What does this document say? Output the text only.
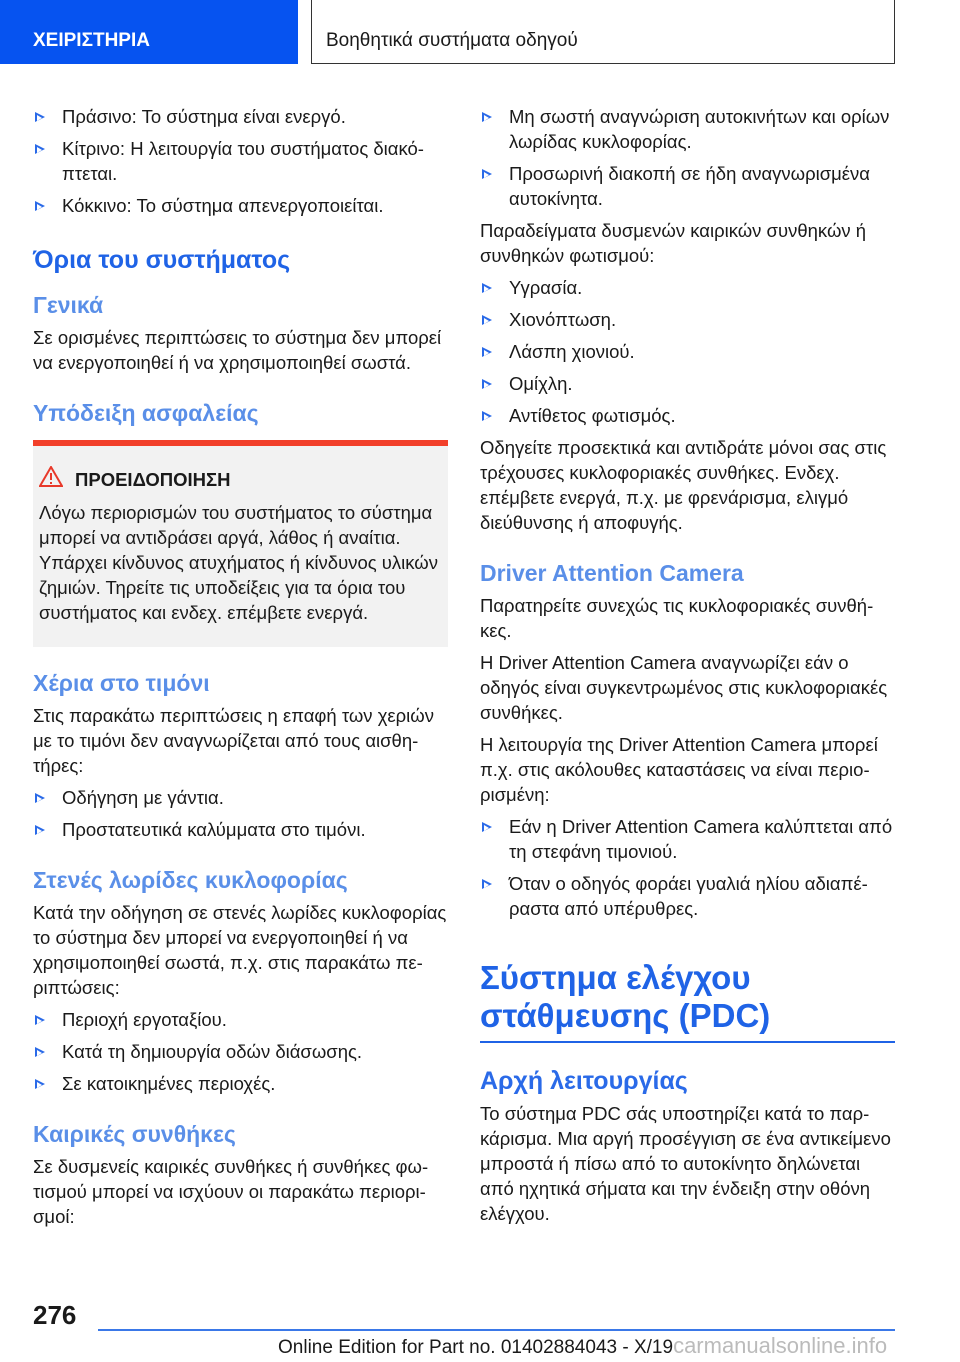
ΧΕΙΡΙΣΤΗΡΙΑ	Βοηθητικά συστήματα οδηγού
Πράσινο: Το σύστημα είναι ενεργό.
Κίτρινο: Η λειτουργία του συστήματος διακόπτεται.
Κόκκινο: Το σύστημα απενεργοποιείται.
Όρια του συστήματος
Γενικά

Σε ορισμένες περιπτώσεις το σύστημα δεν μπορεί να ενεργοποιηθεί ή να χρησιμοποιηθεί σωστά.

Υπόδειξη ασφαλείας
ΠΡΟΕΙΔΟΠΟΙΗΣΗ
Λόγω περιορισμών του συστήματος το σύστημα μπορεί να αντιδράσει αργά, λάθος ή αναίτια. Υπάρχει κίνδυνος ατυχήματος ή κίνδυνος υλικών ζημιών. Τηρείτε τις υποδείξεις για τα όρια του συστήματος και ενδεχ. επέμβετε ενεργά.
Χέρια στο τιμόνι

Στις παρακάτω περιπτώσεις η επαφή των χεριών με το τιμόνι δεν αναγνωρίζεται από τους αισθητήρες:

Οδήγηση με γάντια.
Προστατευτικά καλύμματα στο τιμόνι.
Στενές λωρίδες κυκλοφορίας

Κατά την οδήγηση σε στενές λωρίδες κυκλοφορίας το σύστημα δεν μπορεί να ενεργοποιηθεί ή να χρησιμοποιηθεί σωστά, π.χ. στις παρακάτω περιπτώσεις:

Περιοχή εργοταξίου.
Κατά τη δημιουργία οδών διάσωσης.
Σε κατοικημένες περιοχές.
Καιρικές συνθήκες

Σε δυσμενείς καιρικές συνθήκες ή συνθήκες φωτισμού μπορεί να ισχύουν οι παρακάτω περιορισμοί:

Μη σωστή αναγνώριση αυτοκινήτων και ορίων λωρίδας κυκλοφορίας.
Προσωρινή διακοπή σε ήδη αναγνωρισμένα αυτοκίνητα.

Παραδείγματα δυσμενών καιρικών συνθηκών ή συνθηκών φωτισμού:

Υγρασία.
Χιονόπτωση.
Λάσπη χιονιού.
Ομίχλη.
Αντίθετος φωτισμός.

Οδηγείτε προσεκτικά και αντιδράτε μόνοι σας στις τρέχουσες κυκλοφοριακές συνθήκες. Ενδεχ. επέμβετε ενεργά, π.χ. με φρενάρισμα, ελιγμό διεύθυνσης ή αποφυγής.

Driver Attention Camera

Παρατηρείτε συνεχώς τις κυκλοφοριακές συνθήκες.

Η Driver Attention Camera αναγνωρίζει εάν ο οδηγός είναι συγκεντρωμένος στις κυκλοφοριακές συνθήκες.

Η λειτουργία της Driver Attention Camera μπορεί π.χ. στις ακόλουθες καταστάσεις να είναι περιορισμένη:

Εάν η Driver Attention Camera καλύπτεται από τη στεφάνη τιμονιού.
Όταν ο οδηγός φοράει γυαλιά ηλίου αδιαπέραστα από υπέρυθρες.
Σύστημα ελέγχου στάθμευσης (PDC)
Αρχή λειτουργίας

Το σύστημα PDC σάς υποστηρίζει κατά το παρκάρισμα. Μια αργή προσέγγιση σε ένα αντικείμενο μπροστά ή πίσω από το αυτοκίνητο δηλώνεται από ηχητικά σήματα και την ένδειξη στην οθόνη ελέγχου.

276
Online Edition for Part no. 01402884043 - X/19carmanualsonline.info
